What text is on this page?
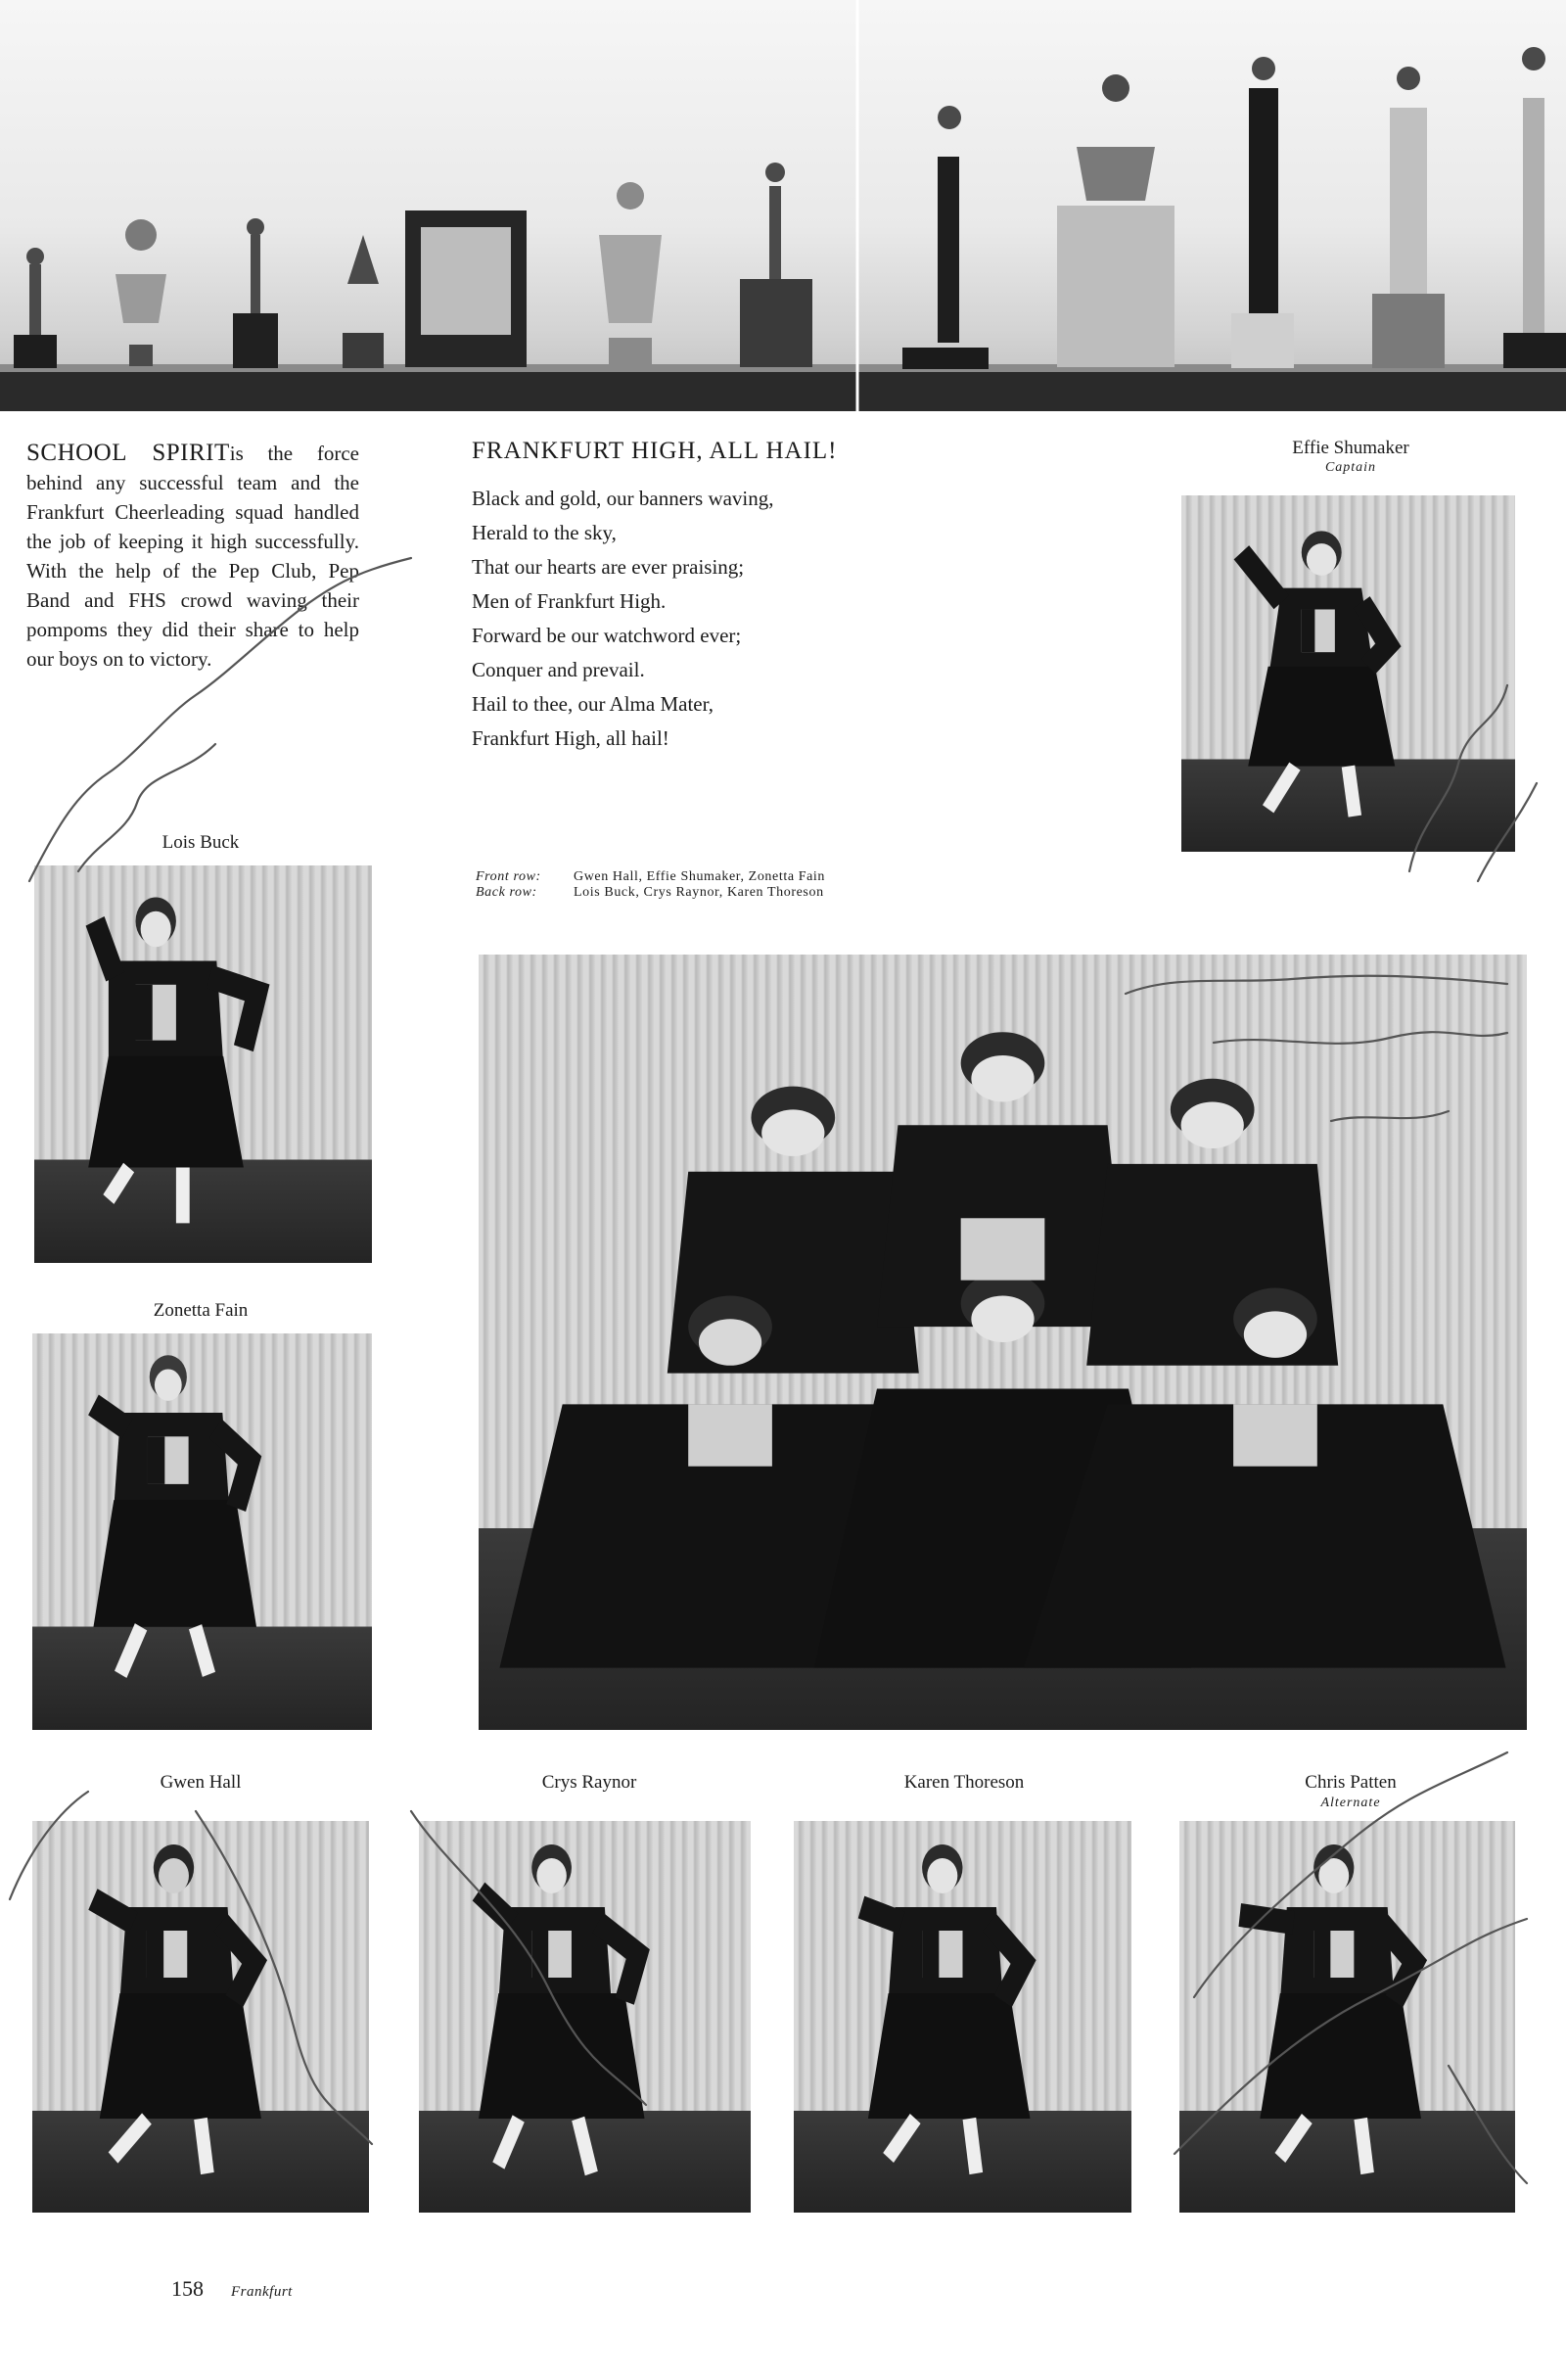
SCHOOL SPIRITis the force behind any successful team and the Frankfurt Cheerleading squad handled the job of keeping it high successfully. With the help of the Pep Club, Pep Band and FHS crowd waving their pompoms they did their share to help our boys on to victory.

FRANKFURT HIGH, ALL HAIL!
Black and gold, our banners waving,
Herald to the sky,
That our hearts are ever praising;
Men of Frankfurt High.
Forward be our watchword ever;
Conquer and prevail.
Hail to thee, our Alma Mater,
Frankfurt High, all hail!
Effie Shumaker
Captain
Lois Buck
Zonetta Fain
Front row: Gwen Hall, Effie Shumaker, Zonetta Fain
Back row:	Lois Buck, Crys Raynor, Karen Thoreson
Gwen Hall	Crys Raynor	Karen Thoreson	Chris Patten
Alternate
158 Frankfurt
